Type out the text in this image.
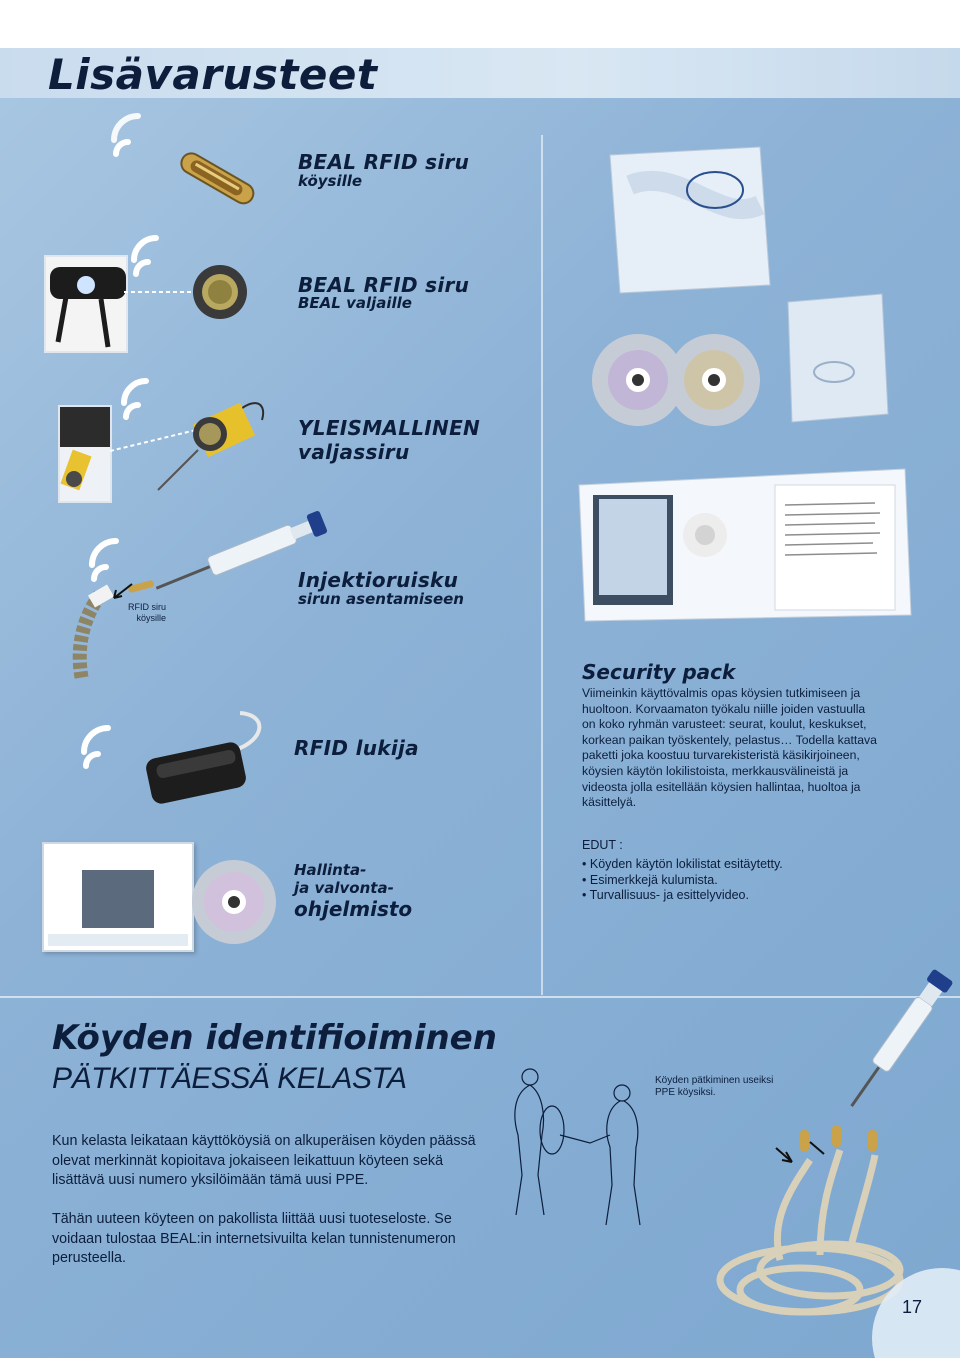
Lisävarusteet
RFID siru
köysille
BEAL RFID siru
köysille
BEAL RFID siru
BEAL valjaille
YLEISMALLINEN
valjassiru
Injektioruisku
sirun asentamiseen
RFID lukija
Hallinta-
ja valvonta-
ohjelmisto
Security pack

Viimeinkin käyttövalmis opas köysien tutkimiseen ja huoltoon. Korvaamaton työkalu niille joiden vastuulla on koko ryhmän varusteet: seurat, koulut, keskukset, korkean paikan työskentely, pelastus… Todella kattava paketti joka koostuu turvarekisteristä käsikirjoineen, köysien käytön lokilistoista, merkkausvälineistä ja videosta jolla esitellään köysien hallintaa, huoltoa ja käsittelyä.

EDUT :
• Köyden käytön lokilistat esitäytetty.
• Esimerkkejä kulumista.
• Turvallisuus- ja esittelyvideo.
Köyden identifioiminen
PÄTKITTÄESSÄ KELASTA

Kun kelasta leikataan käyttököysiä on alkuperäisen köyden päässä olevat merkinnät kopioitava jokaiseen leikattuun köyteen sekä lisättävä uusi numero yksilöimään tämä uusi PPE.

Tähän uuteen köyteen on pakollista liittää uusi tuoteseloste. Se voidaan tulostaa BEAL:in internetsivuilta kelan tunnistenumeron perusteella.

Köyden pätkiminen useiksi
PPE köysiksi.
17
